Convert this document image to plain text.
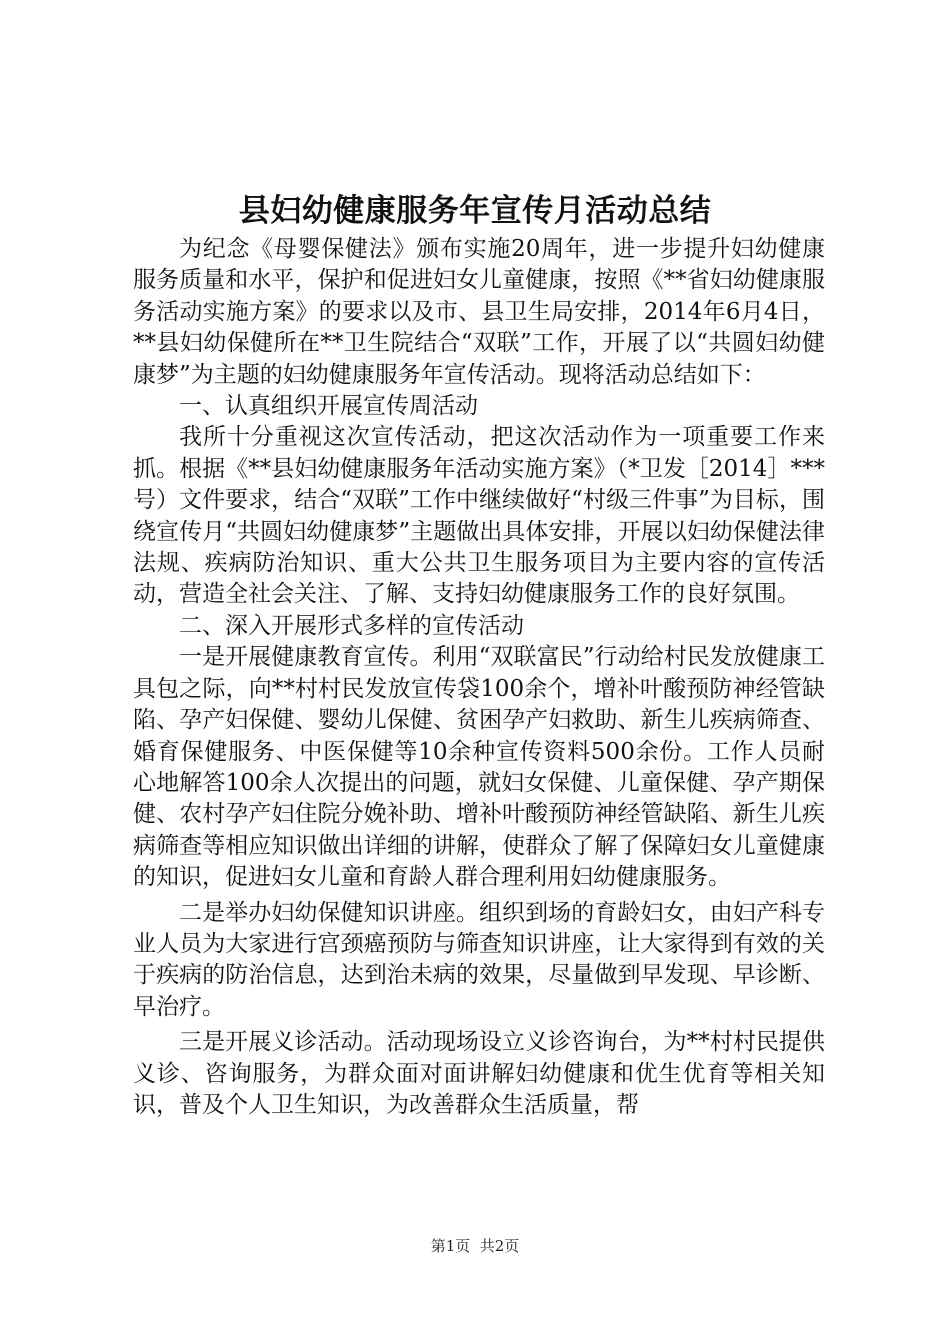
县妇幼健康服务年宣传月活动总结

为纪念《母婴保健法》颁布实施20周年，进一步提升妇幼健康服务质量和水平，保护和促进妇女儿童健康，按照《**省妇幼健康服务活动实施方案》的要求以及市、县卫生局安排，2014年6月4日，**县妇幼保健所在**卫生院结合“双联”工作，开展了以“共圆妇幼健康梦”为主题的妇幼健康服务年宣传活动。现将活动总结如下：

一、认真组织开展宣传周活动

我所十分重视这次宣传活动，把这次活动作为一项重要工作来抓。根据《**县妇幼健康服务年活动实施方案》（*卫发［2014］***号）文件要求，结合“双联”工作中继续做好“村级三件事”为目标，围绕宣传月“共圆妇幼健康梦”主题做出具体安排，开展以妇幼保健法律法规、疾病防治知识、重大公共卫生服务项目为主要内容的宣传活动，营造全社会关注、了解、支持妇幼健康服务工作的良好氛围。

二、深入开展形式多样的宣传活动

一是开展健康教育宣传。利用“双联富民”行动给村民发放健康工具包之际，向**村村民发放宣传袋100余个，增补叶酸预防神经管缺陷、孕产妇保健、婴幼儿保健、贫困孕产妇救助、新生儿疾病筛查、婚育保健服务、中医保健等10余种宣传资料500余份。工作人员耐心地解答100余人次提出的问题，就妇女保健、儿童保健、孕产期保健、农村孕产妇住院分娩补助、增补叶酸预防神经管缺陷、新生儿疾病筛查等相应知识做出详细的讲解，使群众了解了保障妇女儿童健康的知识，促进妇女儿童和育龄人群合理利用妇幼健康服务。

二是举办妇幼保健知识讲座。组织到场的育龄妇女，由妇产科专业人员为大家进行宫颈癌预防与筛查知识讲座，让大家得到有效的关于疾病的防治信息，达到治未病的效果，尽量做到早发现、早诊断、早治疗。

三是开展义诊活动。活动现场设立义诊咨询台，为**村村民提供义诊、咨询服务，为群众面对面讲解妇幼健康和优生优育等相关知识，普及个人卫生知识，为改善群众生活质量，帮

第1页  共2页
